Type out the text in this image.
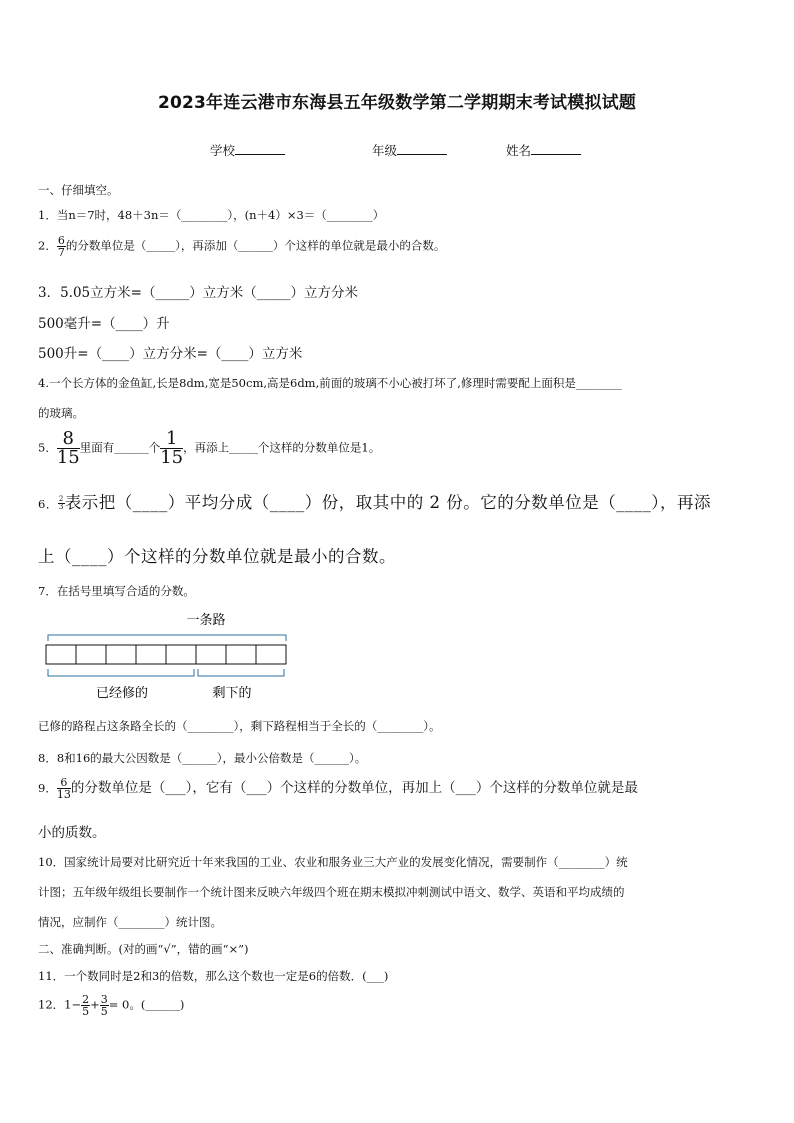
2023年连云港市东海县五年级数学第二学期期末考试模拟试题
学校	年级	姓名
一、仔细填空。
1．当n＝7时，48＋3n＝（________），(n＋4）×3＝（________）
2． $\frac{6}{7}$ 的分数单位是（_____），再添加（______）个这样的单位就是最小的合数。
3．5.05立方米=（_____）立方米（_____）立方分米
500毫升=（____）升
500升=（____）立方分米=（____）立方米
4.一个长方体的金鱼缸,长是8dm,宽是50cm,高是6dm,前面的玻璃不小心被打坏了,修理时需要配上面积是________
的玻璃。
5． $\frac{8}{15}$ 里面有______个 $\frac{1}{15}$ ，再添上_____个这样的分数单位是1。
6． $\frac{2}{3}$ 表示把（____）平均分成（____）份，取其中的 2 份。它的分数单位是（____），再添
上（____）个这样的分数单位就是最小的合数。
7．在括号里填写合适的分数。
一条路
已经修的	剩下的
已修的路程占这条路全长的（________），剩下路程相当于全长的（________）。
8．8和16的最大公因数是（______），最小公倍数是（______）。
9． $\frac{6}{13}$ 的分数单位是（___），它有（___）个这样的分数单位，再加上（___）个这样的分数单位就是最
小的质数。
10．国家统计局要对比研究近十年来我国的工业、农业和服务业三大产业的发展变化情况，需要制作（________）统
计图；五年级年级组长要制作一个统计图来反映六年级四个班在期末模拟冲刺测试中语文、数学、英语和平均成绩的
情况，应制作（________）统计图。
二、准确判断。(对的画“√”，错的画“×”)
11．一个数同时是2和3的倍数，那么这个数也一定是6的倍数．(___)
12．$1- \frac{2}{5} + \frac{3}{5} = 0$。(______)
